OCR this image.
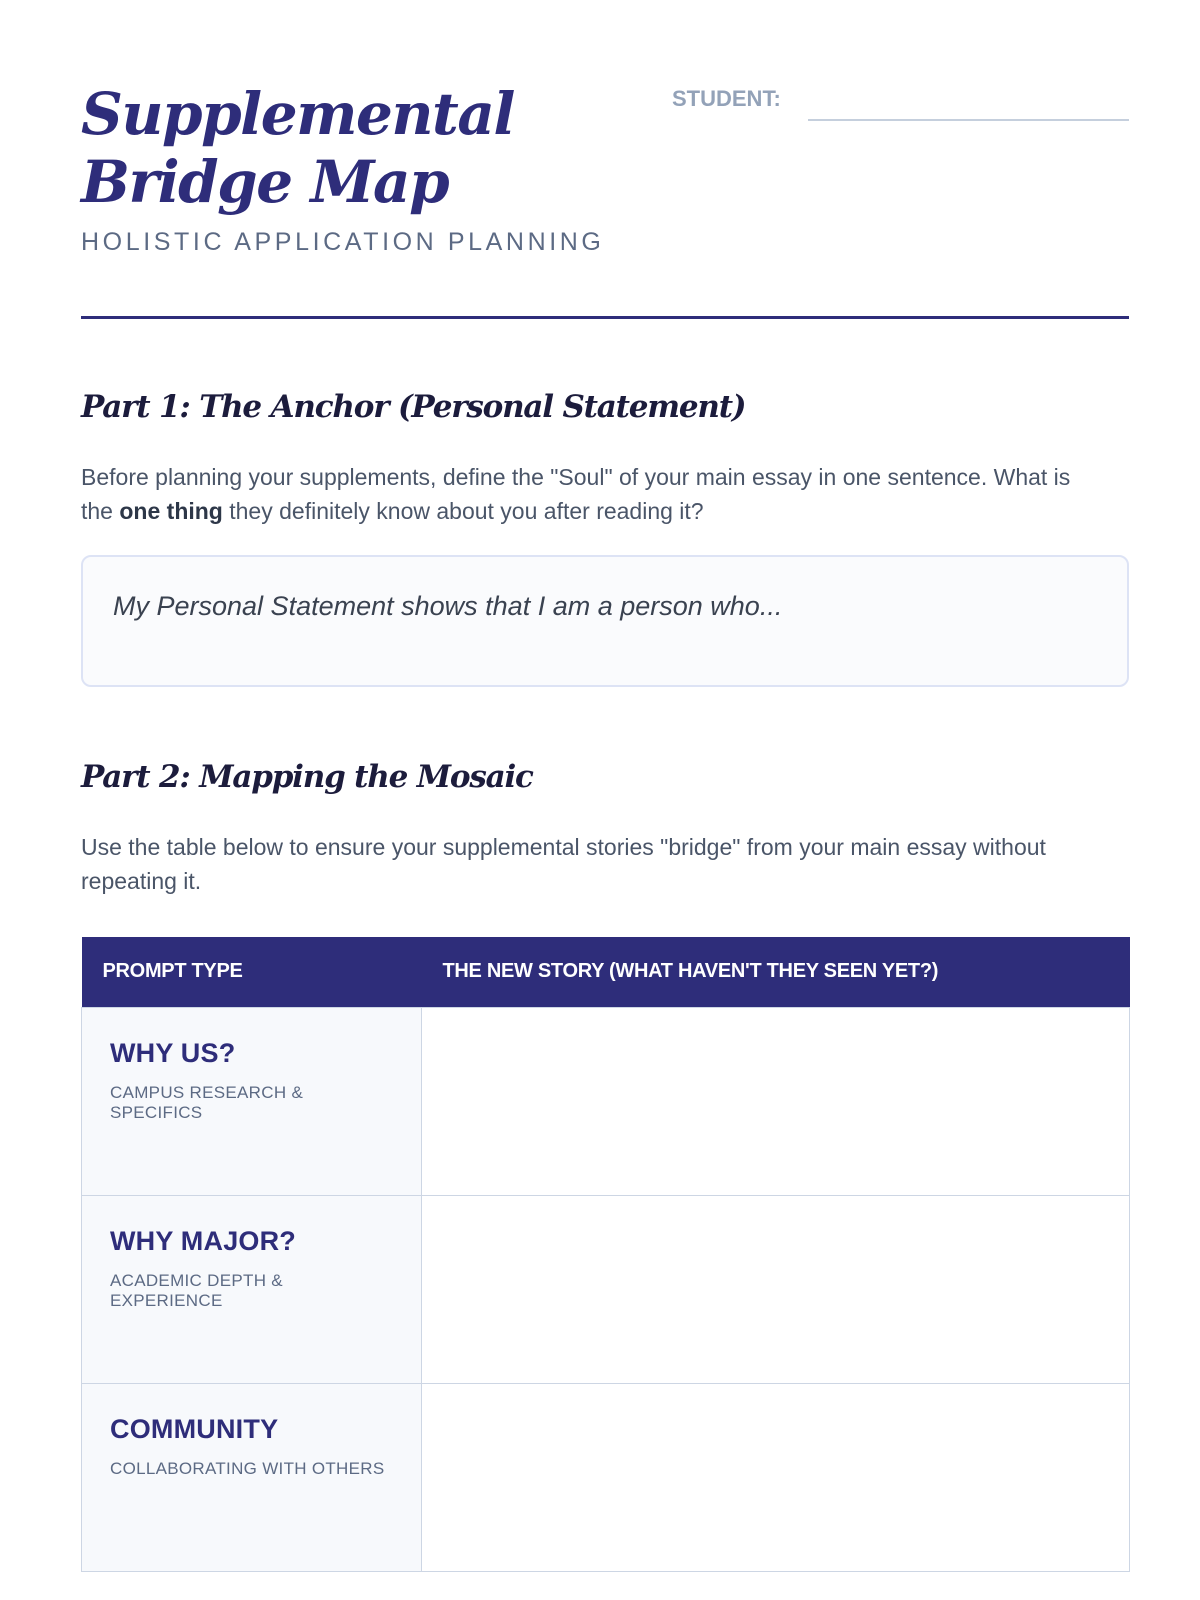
Supplemental Bridge Map
HOLISTIC APPLICATION PLANNING
STUDENT:
Part 1: The Anchor (Personal Statement)

Before planning your supplements, define the "Soul" of your main essay in one sentence. What is the one thing they definitely know about you after reading it?

My Personal Statement shows that I am a person who...
Part 2: Mapping the Mosaic

Use the table below to ensure your supplemental stories "bridge" from your main essay without repeating it.

PROMPT TYPE	THE NEW STORY (WHAT HAVEN'T THEY SEEN YET?)

WHY US?
CAMPUS RESEARCH & SPECIFICS	

WHY MAJOR?
ACADEMIC DEPTH & EXPERIENCE	

COMMUNITY
COLLABORATING WITH OTHERS	
